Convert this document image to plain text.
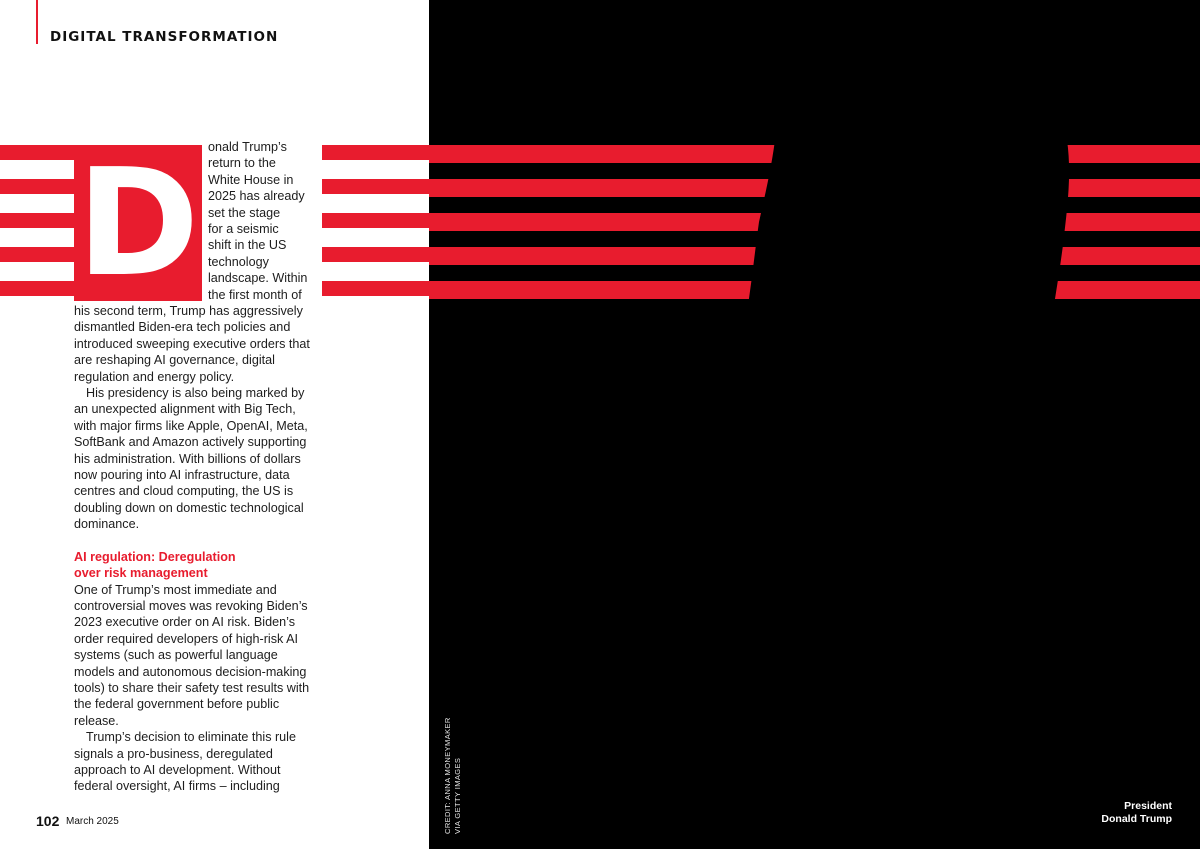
DIGITAL TRANSFORMATION
D onald Trump’s
return to the
White House in
2025 has already
set the stage
for a seismic
shift in the US
technology
landscape. Within
the first month of

his second term, Trump has aggressively dismantled Biden-era tech policies and introduced sweeping executive orders that are reshaping AI governance, digital regulation and energy policy.

His presidency is also being marked by an unexpected alignment with Big Tech, with major firms like Apple, OpenAI, Meta, SoftBank and Amazon actively supporting his administration. With billions of dollars now pouring into AI infrastructure, data centres and cloud computing, the US is doubling down on domestic technological dominance.

AI regulation: Deregulation
over risk management

One of Trump’s most immediate and controversial moves was revoking Biden’s 2023 executive order on AI risk. Biden’s order required developers of high-risk AI systems (such as powerful language models and autonomous decision-making tools) to share their safety test results with the federal government before public release.

Trump’s decision to eliminate this rule signals a pro-business, deregulated approach to AI development. Without federal oversight, AI firms – including

102 March 2025	CREDIT: ANNA MONEYMAKER VIA GETTY IMAGES	President
Donald Trump
